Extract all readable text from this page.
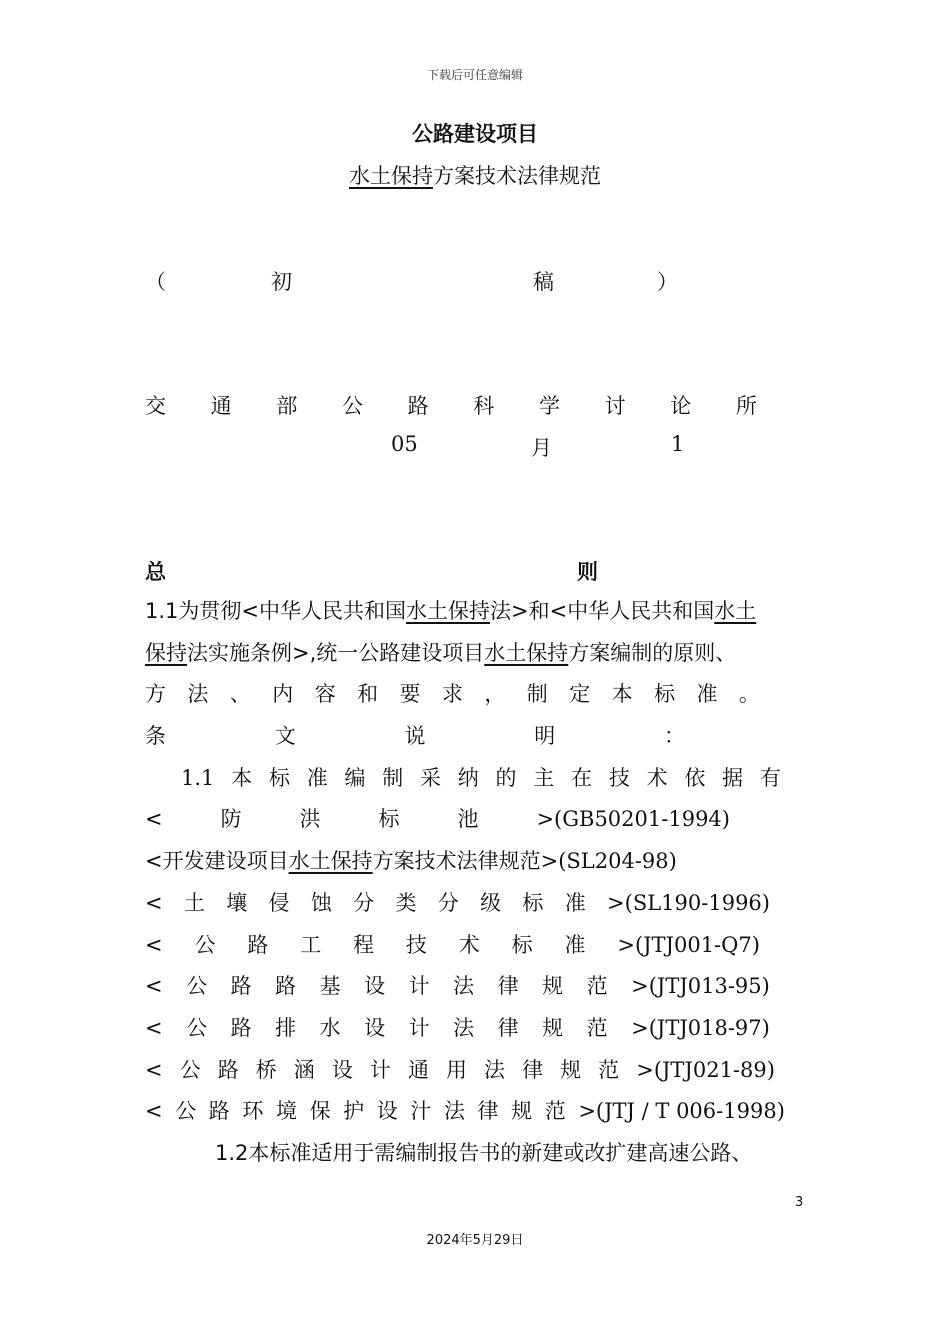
下载后可任意编辑
公路建设项目
水土保持方案技术法律规范
（	初	稿	）
交 通 部 公 路 科 学 讨 论 所
05	月	1
总	则
1.1为贯彻<中华人民共和国水土保持法>和<中华人民共和国水土
保持法实施条例>,统一公路建设项目水土保持方案编制的原则、
方 法 、 内 容 和 要 求 ， 制 定 本 标 准 。
条	文	说	明	：
1.1 本 标 准 编 制 采 纳 的 主 在 技 术 依 据 有
<	防	洪	标	池	>(GB50201-1994)
<开发建设项目水土保持方案技术法律规范>(SL204-98)
< 土 壤 侵 蚀 分 类 分 级 标 准 >(SL190-1996)
< 公 路 工 程 技 术 标 准 >(JTJ001-Q7)
< 公 路 路 基 设 计 法 律 规 范 >(JTJ013-95)
< 公 路 排 水 设 计 法 律 规 范 >(JTJ018-97)
< 公 路 桥 涵 设 计 通 用 法 律 规 范 >(JTJ021-89)
< 公 路 环 境 保 护 设 汁 法 律 规 范 >(JTJ / T 006-1998)
1.2本标准适用于需编制报告书的新建或改扩建高速公路、
3
2024年5月29日
